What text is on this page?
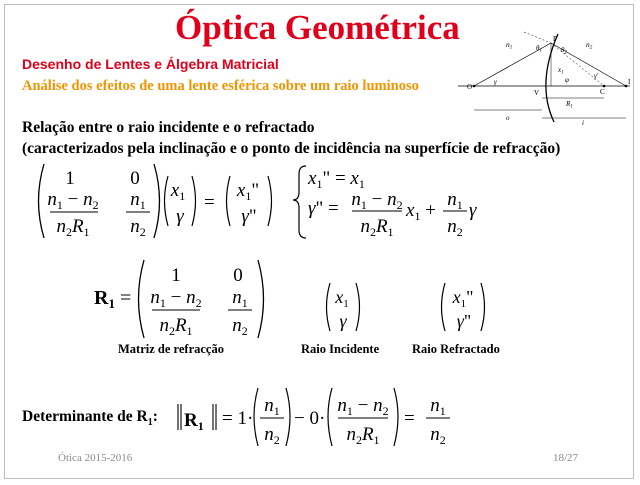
Óptica Geométrica
Desenho de Lentes e Álgebra Matricial
Análise dos efeitos de uma lente esférica sobre um raio luminoso
$n_1$	$n_2$
$\theta_1$	$\theta_2$
P
O
V	C
I
$x_1$
φ
γ
γ'
$R_1$
o
i
Relação entre o raio incidente e o refractado
(caracterizados pela inclinação e o ponto de incidência na superfície de refracção)
1	0
$n_1 - n_2$
$n_2R_1$
$n_1$
$n_2$
$x_1$
γ
=
$x_1$"
γ"
$x_1$" = $x_1$
γ" = $n_1 - n_2$
$n_2R_1$
$x_1$ +
$n_1$
$n_2$
γ
$R_1$ =
1	0
$n_1 - n_2$
$n_2R_1$
$n_1$
$n_2$
$x_1$
γ
$x_1$"
γ"
Matriz de refracção	Raio Incidente	Raio Refractado
Determinante de $R_1$: $R_1 = 1\cdot$
$n_1$
$n_2$
− 0·
$n_1 - n_2$
$n_2R_1$
=
$n_1$
$n_2$
Ótica 2015-2016	18/27
